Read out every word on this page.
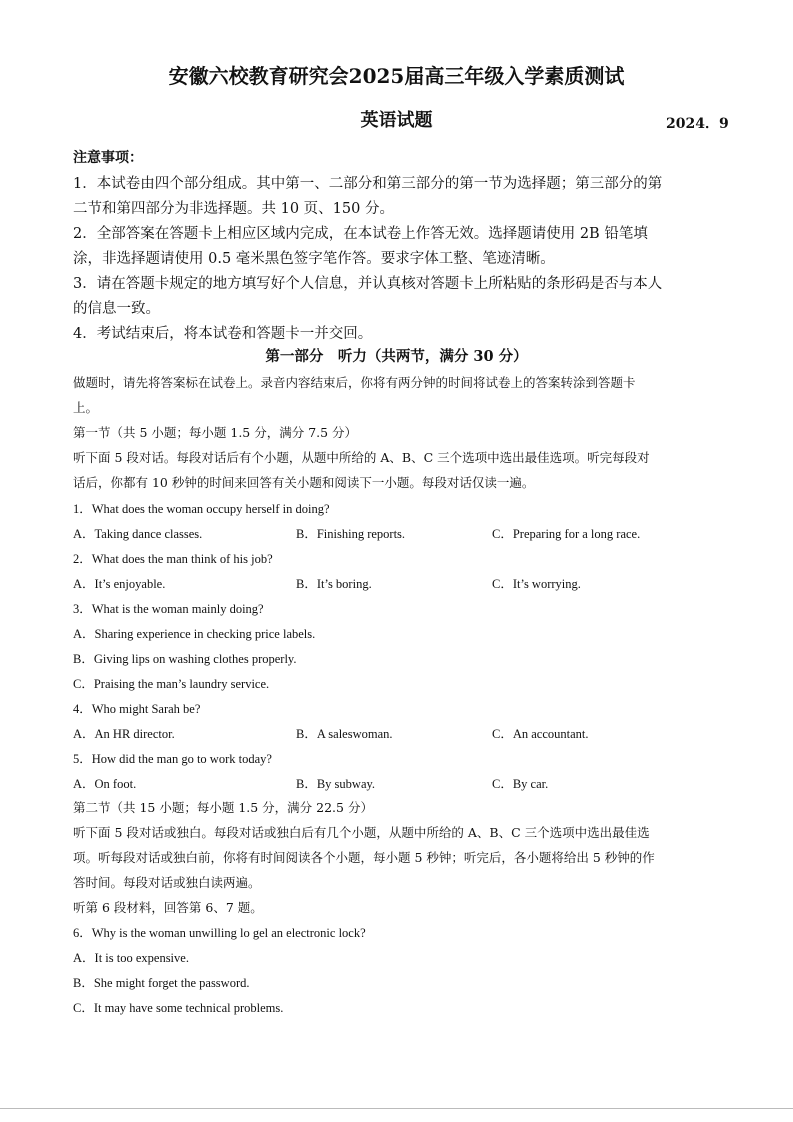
安徽六校教育研究会2025届高三年级入学素质测试
英语试题	2024．9
注意事项：
1．本试卷由四个部分组成。其中第一、二部分和第三部分的第一节为选择题；第三部分的第
二节和第四部分为非选择题。共 10 页、150 分。
2．全部答案在答题卡上相应区域内完成，在本试卷上作答无效。选择题请使用 2B 铅笔填
涂，非选择题请使用 0.5 毫米黑色签字笔作答。要求字体工整、笔迹清晰。
3．请在答题卡规定的地方填写好个人信息，并认真核对答题卡上所粘贴的条形码是否与本人
的信息一致。
4．考试结束后，将本试卷和答题卡一并交回。
第一部分　听力（共两节，满分 30 分）
做题时，请先将答案标在试卷上。录音内容结束后，你将有两分钟的时间将试卷上的答案转涂到答题卡
上。
第一节（共 5 小题；每小题 1.5 分，满分 7.5 分）
听下面 5 段对话。每段对话后有个小题，从题中所给的 A、B、C 三个选项中选出最佳选项。听完每段对
话后，你都有 10 秒钟的时间来回答有关小题和阅读下一小题。每段对话仅读一遍。
1．What does the woman occupy herself in doing?
A．Taking dance classes.	B．Finishing reports.	C．Preparing for a long race.
2．What does the man think of his job?
A．It’s enjoyable.	B．It’s boring.	C．It’s worrying.
3．What is the woman mainly doing?
A．Sharing experience in checking price labels.
B．Giving lips on washing clothes properly.
C．Praising the man’s laundry service.
4．Who might Sarah be?
A．An HR director.	B．A saleswoman.	C．An accountant.
5．How did the man go to work today?
A．On foot.	B．By subway.	C．By car.
第二节（共 15 小题；每小题 1.5 分，满分 22.5 分）
听下面 5 段对话或独白。每段对话或独白后有几个小题，从题中所给的 A、B、C 三个选项中选出最佳选
项。听每段对话或独白前，你将有时间阅读各个小题，每小题 5 秒钟；听完后，各小题将给出 5 秒钟的作
答时间。每段对话或独白读两遍。
听第 6 段材料，回答第 6、7 题。
6．Why is the woman unwilling lo gel an electronic lock?
A．It is too expensive.
B．She might forget the password.
C．It may have some technical problems.
